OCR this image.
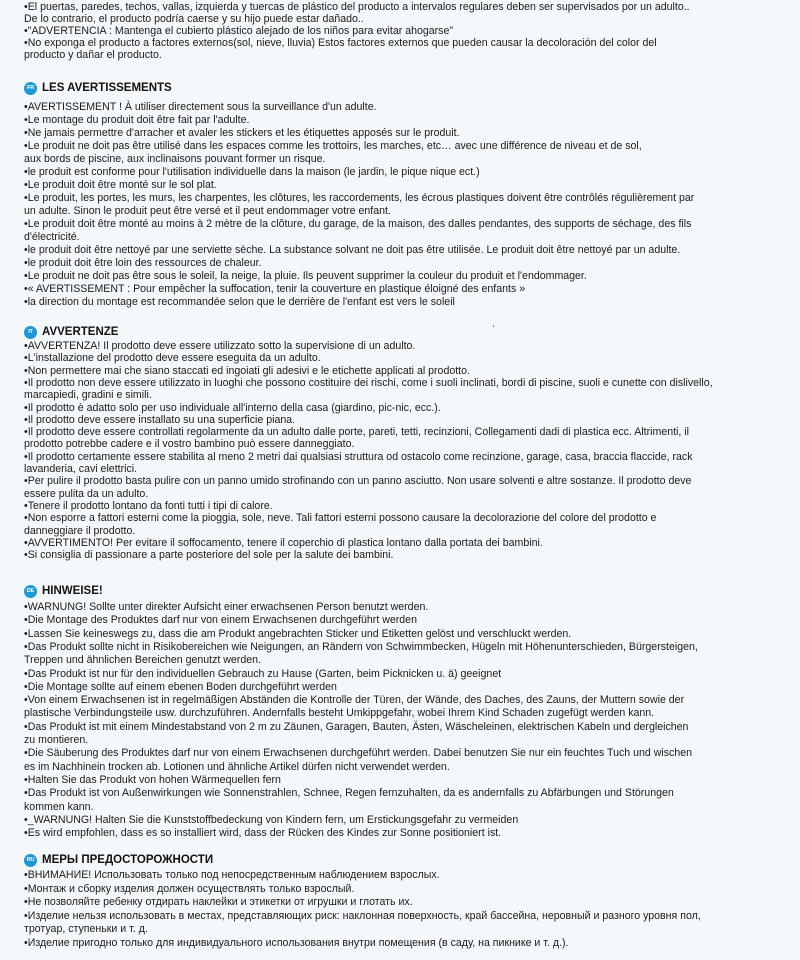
•El puertas, paredes, techos, vallas, izquierda y tuercas de plástico del producto a intervalos regulares deben ser supervisados por un adulto..
De lo contrario, el producto podría caerse y su hijo puede estar dañado..
•"ADVERTENCIA : Mantenga el cubierto plástico alejado de los niños para evitar ahogarse"
•No exponga el producto a factores externos(sol, nieve, lluvia) Estos factores externos que pueden causar la decoloración del color del
producto y dañar el producto.
FR LES AVERTISSEMENTS
•AVERTISSEMENT ! À utiliser directement sous la surveillance d'un adulte.
•Le montage du produit doit être fait par l'adulte.
•Ne jamais permettre d'arracher et avaler les stickers et les étiquettes apposés sur le produit.
•Le produit ne doit pas être utilisé dans les espaces comme les trottoirs, les marches, etc… avec une différence de niveau et de sol,
aux bords de piscine, aux inclinaisons pouvant former un risque.
•le produit est conforme pour l'utilisation individuelle dans la maison (le jardin, le pique nique ect.)
•Le produit doit être monté sur le sol plat.
•Le produit, les portes, les murs, les charpentes, les clôtures, les raccordements, les écrous plastiques doivent être contrôlés régulièrement par
un adulte. Sinon le produit peut être versé et il peut endommager votre enfant.
•Le produit doit être monté au moins à 2 mètre de la clôture, du garage, de la maison, des dalles pendantes, des supports de séchage, des fils
d'électricité.
•le produit doit être nettoyé par une serviette sèche. La substance solvant ne doit pas être utilisée. Le produit doit être nettoyé par un adulte.
•le produit doit être loin des ressources de chaleur.
•Le produit ne doit pas être sous le soleil, la neige, la pluie. Ils peuvent supprimer la couleur du produit et l'endommager.
•« AVERTISSEMENT : Pour empêcher la suffocation, tenir la couverture en plastique éloigné des enfants »
•la direction du montage est recommandée selon que le derrière de l'enfant est vers le soleil
.
IT AVVERTENZE
•AVVERTENZA! Il prodotto deve essere utilizzato sotto la supervisione di un adulto.
•L'installazione del prodotto deve essere eseguita da un adulto.
•Non permettere mai che siano staccati ed ingoiati gli adesivi e le etichette applicati al prodotto.
•Il prodotto non deve essere utilizzato in luoghi che possono costituire dei rischi, come i suoli inclinati, bordi di piscine, suoli e cunette con dislivello,
marcapiedi, gradini e simili.
•Il prodotto è adatto solo per uso individuale all'interno della casa (giardino, pic-nic, ecc.).
•Il prodotto deve essere installato su una superficie piana.
•Il prodotto deve essere controllati regolarmente da un adulto dalle porte, pareti, tetti, recinzioni, Collegamenti dadi di plastica ecc. Altrimenti, il
prodotto potrebbe cadere e il vostro bambino può essere danneggiato.
•Il prodotto certamente essere stabilita al meno 2 metri dai qualsiasi struttura od ostacolo come recinzione, garage, casa, braccia flaccide, rack
lavanderia, cavi elettrici.
•Per pulire il prodotto basta pulire con un panno umido strofinando con un panno asciutto. Non usare solventi e altre sostanze. Il prodotto deve
essere pulita da un adulto.
•Tenere il prodotto lontano da fonti tutti i tipi di calore.
•Non esporre a fattori esterni come la pioggia, sole, neve. Tali fattori esterni possono causare la decolorazione del colore del prodotto e
danneggiare il prodotto.
•AVVERTIMENTO! Per evitare il soffocamento, tenere il coperchio di plastica lontano dalla portata dei bambini.
•Si consiglia di passionare a parte posteriore del sole per la salute dei bambini.
DE HINWEISE!
•WARNUNG! Sollte unter direkter Aufsicht einer erwachsenen Person benutzt werden.
•Die Montage des Produktes darf nur von einem Erwachsenen durchgeführt werden
•Lassen Sie keineswegs zu, dass die am Produkt angebrachten Sticker und Etiketten gelöst und verschluckt werden.
•Das Produkt sollte nicht in Risikobereichen wie Neigungen, an Rändern von Schwimmbecken, Hügeln mit Höhenunterschieden, Bürgersteigen,
Treppen und ähnlichen Bereichen genutzt werden.
•Das Produkt ist nur für den individuellen Gebrauch zu Hause (Garten, beim Picknicken u. ä) geeignet
•Die Montage sollte auf einem ebenen Boden durchgeführt werden
•Von einem Erwachsenen ist in regelmäßigen Abständen die Kontrolle der Türen, der Wände, des Daches, des Zauns, der Muttern sowie der
plastische Verbindungsteile usw. durchzuführen. Andernfalls besteht Umkippgefahr, wobei Ihrem Kind Schaden zugefügt werden kann.
•Das Produkt ist mit einem Mindestabstand von 2 m zu Zäunen, Garagen, Bauten, Ästen, Wäscheleinen, elektrischen Kabeln und dergleichen
zu montieren.
•Die Säuberung des Produktes darf nur von einem Erwachsenen durchgeführt werden. Dabei benutzen Sie nur ein feuchtes Tuch und wischen
es im Nachhinein trocken ab. Lotionen und ähnliche Artikel dürfen nicht verwendet werden.
•Halten Sie das Produkt von hohen Wärmequellen fern
•Das Produkt ist von Außenwirkungen wie Sonnenstrahlen, Schnee, Regen fernzuhalten, da es andernfalls zu Abfärbungen und Störungen
kommen kann.
•_WARNUNG! Halten Sie die Kunststoffbedeckung von Kindern fern, um Erstickungsgefahr zu vermeiden
•Es wird empfohlen, dass es so installiert wird, dass der Rücken des Kindes zur Sonne positioniert ist.
RU МЕРЫ ПРЕДОСТОРОЖНОСТИ
•ВНИМАНИЕ! Использовать только под непосредственным наблюдением взрослых.
•Монтаж и сборку изделия должен осуществлять только взрослый.
•Не позволяйте ребенку отдирать наклейки и этикетки от игрушки и глотать их.
•Изделие нельзя использовать в местах, представляющих риск: наклонная поверхность, край бассейна, неровный и разного уровня пол,
тротуар, ступеньки и т. д.
•Изделие пригодно только для индивидуального использования внутри помещения (в саду, на пикнике и т. д.).
